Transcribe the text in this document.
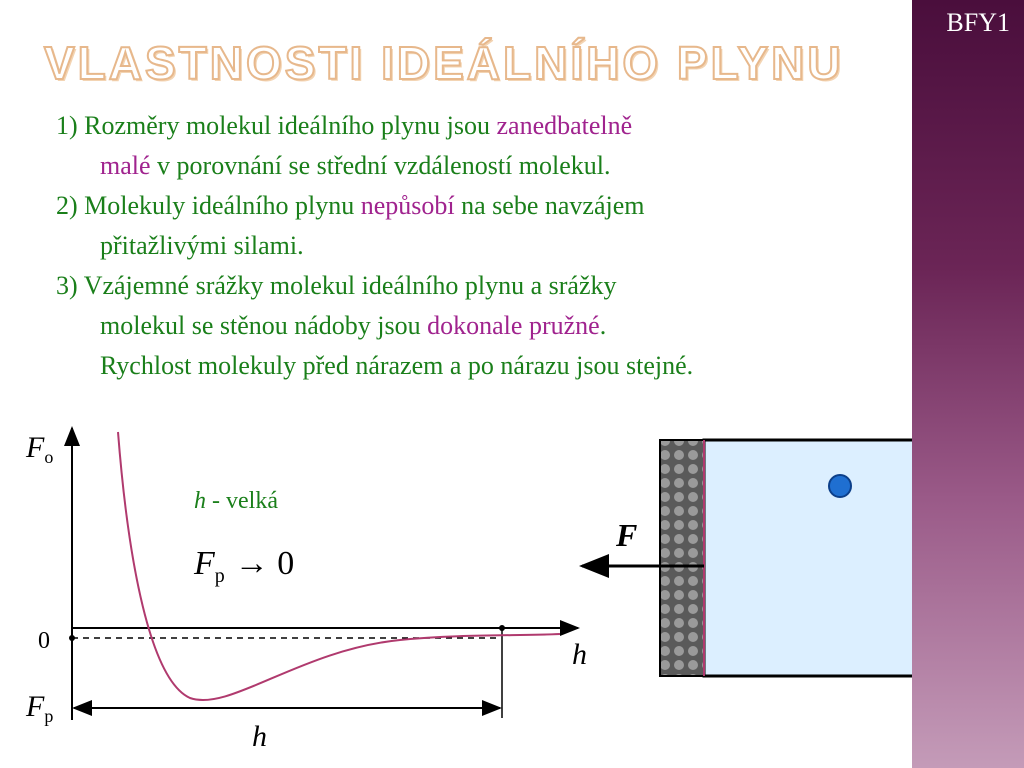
BFY1
VLASTNOSTI IDEÁLNÍHO PLYNU
1) Rozměry molekul ideálního plynu jsou zanedbatelně
malé v porovnání se střední vzdáleností molekul.
2) Molekuly ideálního plynu nepůsobí na sebe navzájem
přitažlivými silami.
3) Vzájemné srážky molekul ideálního plynu a srážky
molekul se stěnou nádoby jsou dokonale pružné.
Rychlost molekuly před nárazem a po nárazu jsou stejné.
$F_o$
0
$F_p$
h
h
h - velká
$F_p \to 0$
F
